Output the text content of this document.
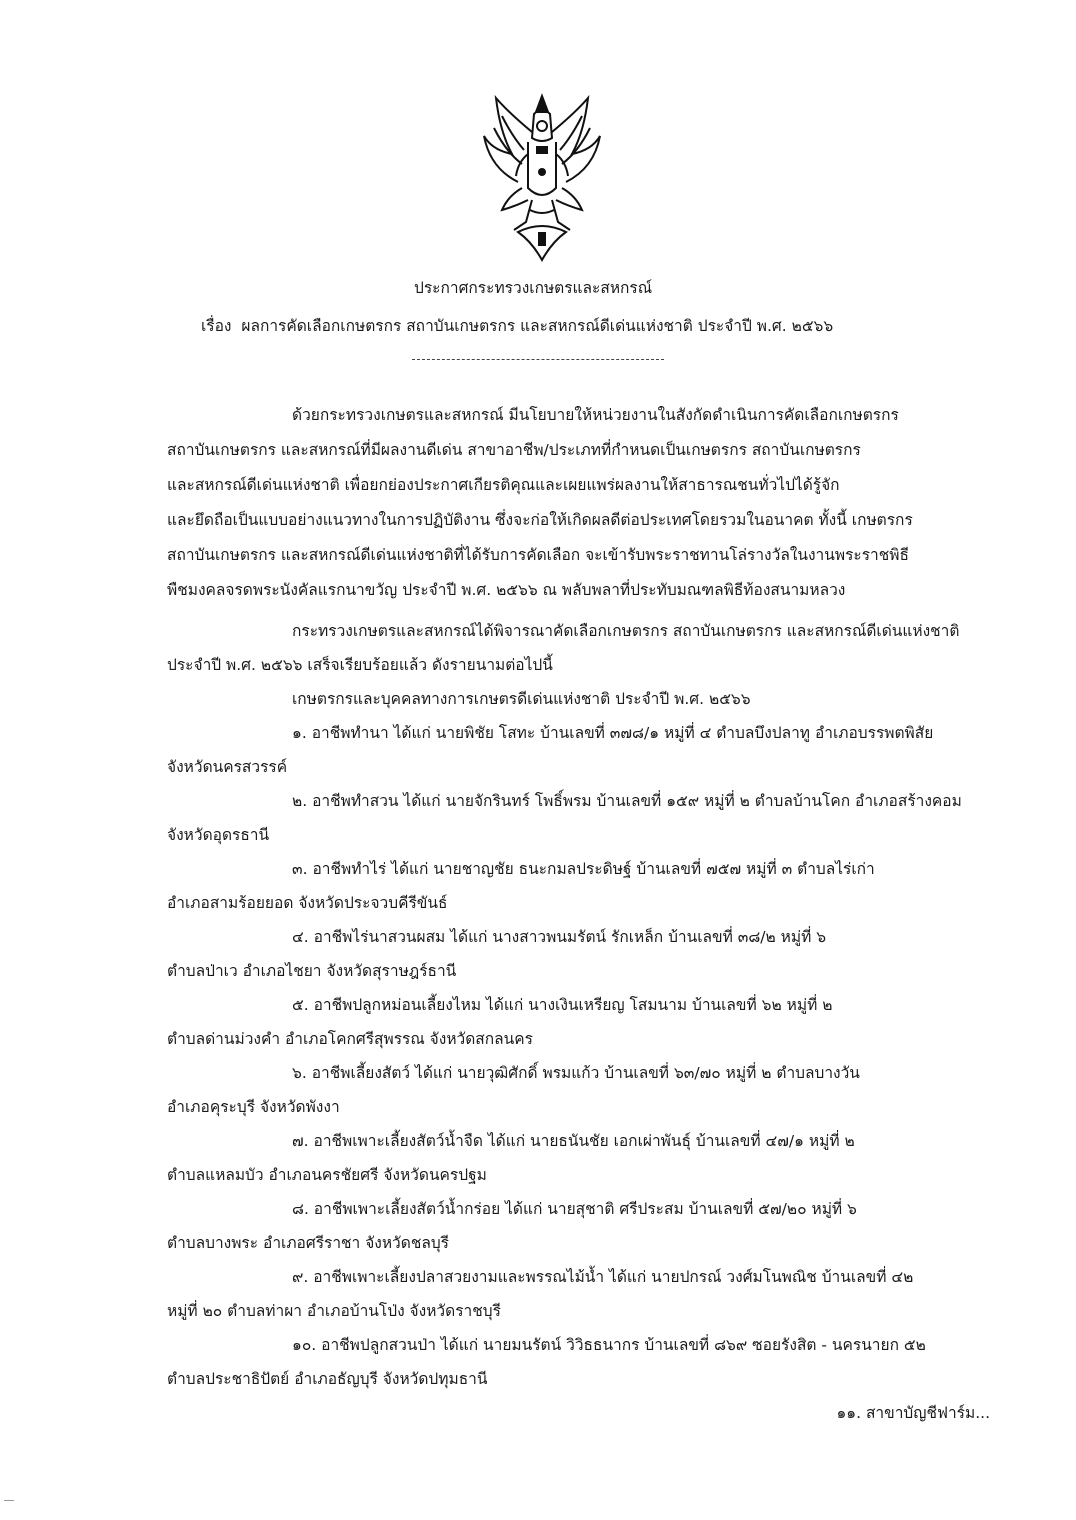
ประกาศกระทรวงเกษตรและสหกรณ์
เรื่อง ผลการคัดเลือกเกษตรกร สถาบันเกษตรกร และสหกรณ์ดีเด่นแห่งชาติ ประจำปี พ.ศ. ๒๕๖๖
ด้วยกระทรวงเกษตรและสหกรณ์ มีนโยบายให้หน่วยงานในสังกัดดำเนินการคัดเลือกเกษตรกร
สถาบันเกษตรกร และสหกรณ์ที่มีผลงานดีเด่น สาขาอาชีพ/ประเภทที่กำหนดเป็นเกษตรกร สถาบันเกษตรกร
และสหกรณ์ดีเด่นแห่งชาติ เพื่อยกย่องประกาศเกียรติคุณและเผยแพร่ผลงานให้สาธารณชนทั่วไปได้รู้จัก
และยึดถือเป็นแบบอย่างแนวทางในการปฏิบัติงาน ซึ่งจะก่อให้เกิดผลดีต่อประเทศโดยรวมในอนาคต ทั้งนี้ เกษตรกร
สถาบันเกษตรกร และสหกรณ์ดีเด่นแห่งชาติที่ได้รับการคัดเลือก จะเข้ารับพระราชทานโล่รางวัลในงานพระราชพิธี
พืชมงคลจรดพระนังคัลแรกนาขวัญ ประจำปี พ.ศ. ๒๕๖๖ ณ พลับพลาที่ประทับมณฑลพิธีท้องสนามหลวง
กระทรวงเกษตรและสหกรณ์ได้พิจารณาคัดเลือกเกษตรกร สถาบันเกษตรกร และสหกรณ์ดีเด่นแห่งชาติ
ประจำปี พ.ศ. ๒๕๖๖ เสร็จเรียบร้อยแล้ว ดังรายนามต่อไปนี้
เกษตรกรและบุคคลทางการเกษตรดีเด่นแห่งชาติ ประจำปี พ.ศ. ๒๕๖๖
๑. อาชีพทำนา ได้แก่ นายพิชัย โสทะ บ้านเลขที่ ๓๗๘/๑ หมู่ที่ ๔ ตำบลบึงปลาทู อำเภอบรรพตพิสัย
จังหวัดนครสวรรค์
๒. อาชีพทำสวน ได้แก่ นายจักรินทร์ โพธิ์พรม บ้านเลขที่ ๑๕๙ หมู่ที่ ๒ ตำบลบ้านโคก อำเภอสร้างคอม
จังหวัดอุดรธานี
๓. อาชีพทำไร่ ได้แก่ นายชาญชัย ธนะกมลประดิษฐ์ บ้านเลขที่ ๗๕๗ หมู่ที่ ๓ ตำบลไร่เก่า
อำเภอสามร้อยยอด จังหวัดประจวบคีรีขันธ์
๔. อาชีพไร่นาสวนผสม ได้แก่ นางสาวพนมรัตน์ รักเหล็ก บ้านเลขที่ ๓๘/๒ หมู่ที่ ๖
ตำบลป่าเว อำเภอไชยา จังหวัดสุราษฎร์ธานี
๕. อาชีพปลูกหม่อนเลี้ยงไหม ได้แก่ นางเงินเหรียญ โสมนาม บ้านเลขที่ ๖๒ หมู่ที่ ๒
ตำบลด่านม่วงคำ อำเภอโคกศรีสุพรรณ จังหวัดสกลนคร
๖. อาชีพเลี้ยงสัตว์ ได้แก่ นายวุฒิศักดิ์ พรมแก้ว บ้านเลขที่ ๖๓/๗๐ หมู่ที่ ๒ ตำบลบางวัน
อำเภอคุระบุรี จังหวัดพังงา
๗. อาชีพเพาะเลี้ยงสัตว์น้ำจืด ได้แก่ นายธนันชัย เอกเผ่าพันธุ์ บ้านเลขที่ ๔๗/๑ หมู่ที่ ๒
ตำบลแหลมบัว อำเภอนครชัยศรี จังหวัดนครปฐม
๘. อาชีพเพาะเลี้ยงสัตว์น้ำกร่อย ได้แก่ นายสุชาติ ศรีประสม บ้านเลขที่ ๕๗/๒๐ หมู่ที่ ๖
ตำบลบางพระ อำเภอศรีราชา จังหวัดชลบุรี
๙. อาชีพเพาะเลี้ยงปลาสวยงามและพรรณไม้น้ำ ได้แก่ นายปกรณ์ วงศ์มโนพณิช บ้านเลขที่ ๔๒
หมู่ที่ ๒๐ ตำบลท่าผา อำเภอบ้านโป่ง จังหวัดราชบุรี
๑๐. อาชีพปลูกสวนป่า ได้แก่ นายมนรัตน์ วิวิธธนากร บ้านเลขที่ ๘๖๙ ซอยรังสิต - นครนายก ๕๒
ตำบลประชาธิปัตย์ อำเภอธัญบุรี จังหวัดปทุมธานี
๑๑. สาขาบัญชีฟาร์ม...
